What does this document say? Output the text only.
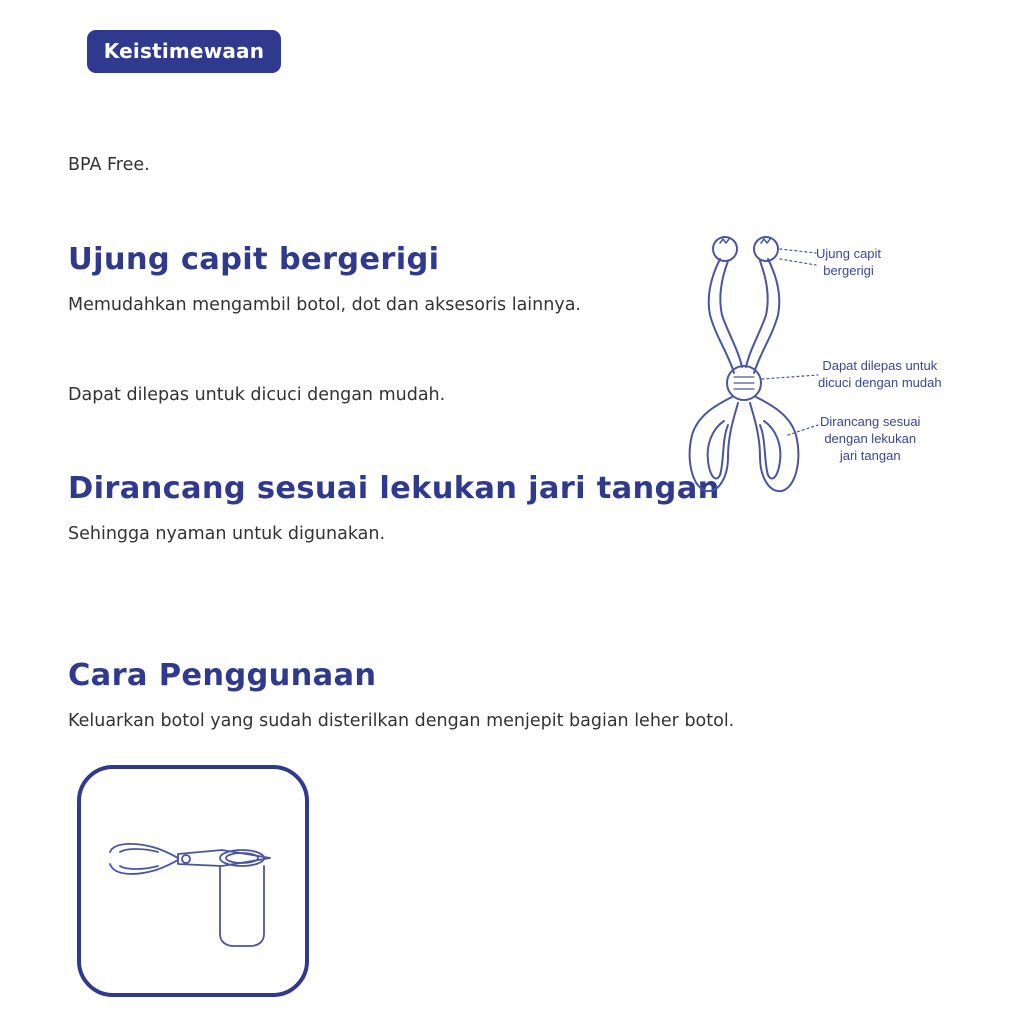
Keistimewaan
BPA Free.
Ujung capit bergerigi
Memudahkan mengambil botol, dot dan aksesoris lainnya.
Dapat dilepas untuk dicuci dengan mudah.
Dirancang sesuai lekukan jari tangan
Sehingga nyaman untuk digunakan.
Ujung capit
bergerigi
Dapat dilepas untuk
dicuci dengan mudah
Dirancang sesuai
dengan lekukan
jari tangan
Cara Penggunaan
Keluarkan botol yang sudah disterilkan dengan menjepit bagian leher botol.
